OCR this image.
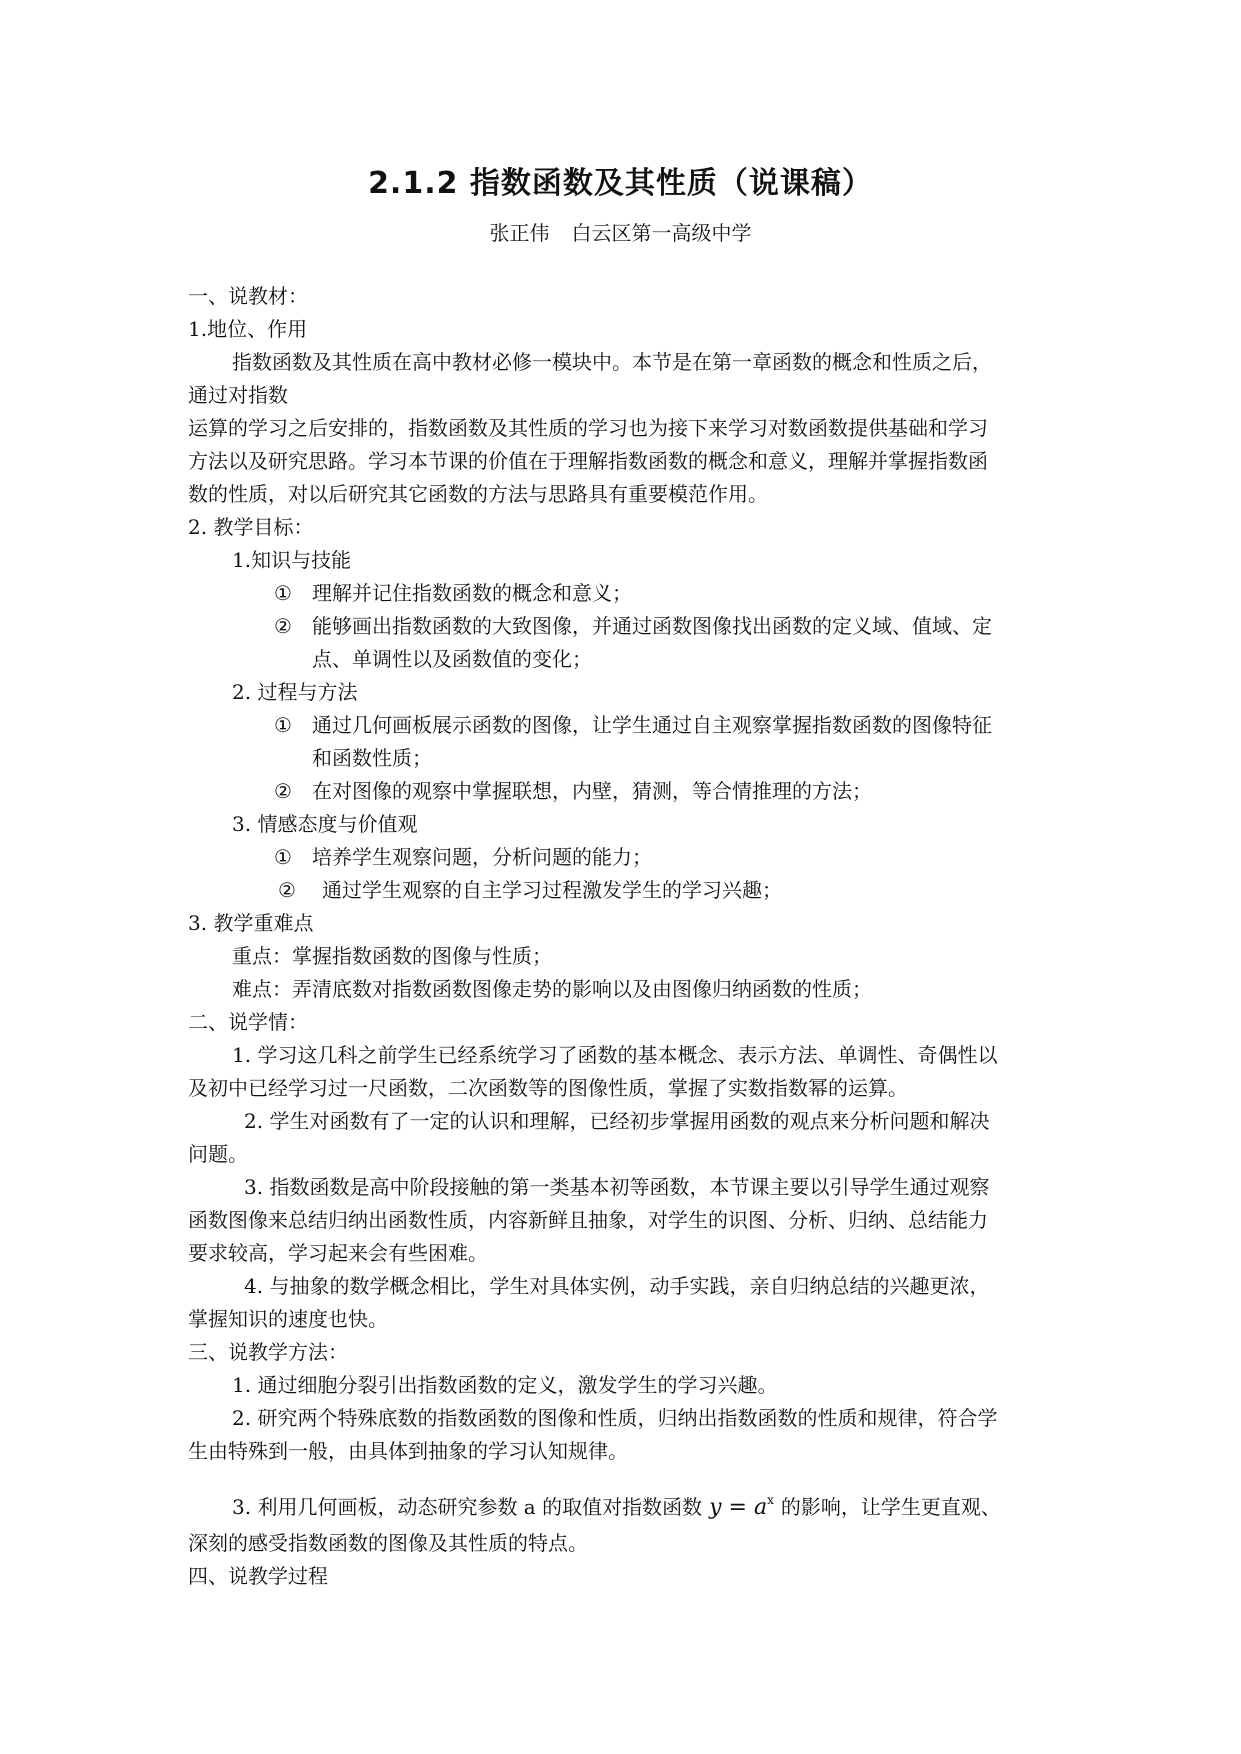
2.1.2 指数函数及其性质（说课稿）
张正伟 白云区第一高级中学
一、说教材：
1.地位、作用
指数函数及其性质在高中教材必修一模块中。本节是在第一章函数的概念和性质之后，
通过对指数
运算的学习之后安排的，指数函数及其性质的学习也为接下来学习对数函数提供基础和学习
方法以及研究思路。学习本节课的价值在于理解指数函数的概念和意义，理解并掌握指数函
数的性质，对以后研究其它函数的方法与思路具有重要模范作用。
2. 教学目标：
1.知识与技能
① 理解并记住指数函数的概念和意义；
② 能够画出指数函数的大致图像，并通过函数图像找出函数的定义域、值域、定
点、单调性以及函数值的变化；
2. 过程与方法
① 通过几何画板展示函数的图像，让学生通过自主观察掌握指数函数的图像特征
和函数性质；
② 在对图像的观察中掌握联想，内壁，猜测，等合情推理的方法；
3. 情感态度与价值观
① 培养学生观察问题，分析问题的能力；
② 通过学生观察的自主学习过程激发学生的学习兴趣；
3. 教学重难点
重点：掌握指数函数的图像与性质；
难点：弄清底数对指数函数图像走势的影响以及由图像归纳函数的性质；
二、说学情：
1. 学习这几科之前学生已经系统学习了函数的基本概念、表示方法、单调性、奇偶性以
及初中已经学习过一尺函数，二次函数等的图像性质，掌握了实数指数幂的运算。
2. 学生对函数有了一定的认识和理解，已经初步掌握用函数的观点来分析问题和解决
问题。
3. 指数函数是高中阶段接触的第一类基本初等函数，本节课主要以引导学生通过观察
函数图像来总结归纳出函数性质，内容新鲜且抽象，对学生的识图、分析、归纳、总结能力
要求较高，学习起来会有些困难。
4. 与抽象的数学概念相比，学生对具体实例，动手实践，亲自归纳总结的兴趣更浓，
掌握知识的速度也快。
三、说教学方法：
1. 通过细胞分裂引出指数函数的定义，激发学生的学习兴趣。
2. 研究两个特殊底数的指数函数的图像和性质，归纳出指数函数的性质和规律，符合学
生由特殊到一般，由具体到抽象的学习认知规律。
3. 利用几何画板，动态研究参数 a 的取值对指数函数 $y = a^x$ 的影响，让学生更直观、
深刻的感受指数函数的图像及其性质的特点。
四、说教学过程
